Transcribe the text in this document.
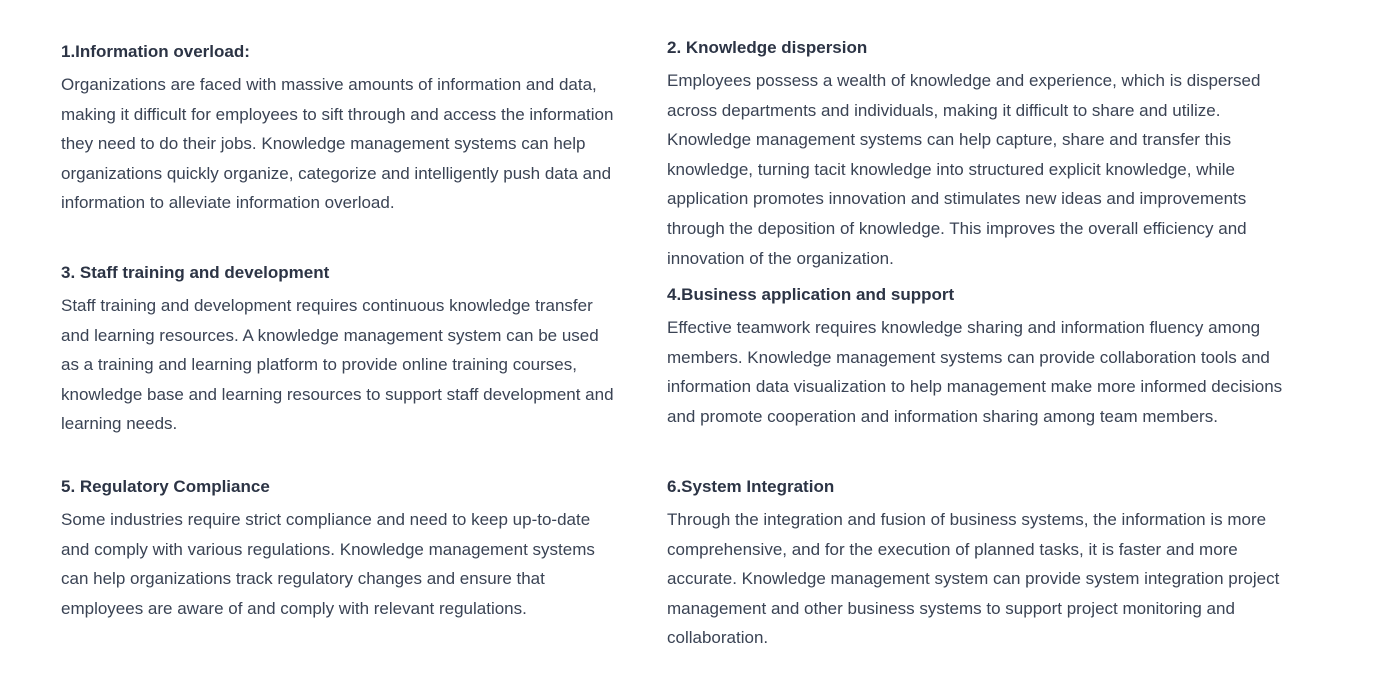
1.Information overload:

Organizations are faced with massive amounts of information and data, making it difficult for employees to sift through and access the information they need to do their jobs. Knowledge management systems can help organizations quickly organize, categorize and intelligently push data and information to alleviate information overload.

2. Knowledge dispersion

Employees possess a wealth of knowledge and experience, which is dispersed across departments and individuals, making it difficult to share and utilize. Knowledge management systems can help capture, share and transfer this knowledge, turning tacit knowledge into structured explicit knowledge, while application promotes innovation and stimulates new ideas and improvements through the deposition of knowledge. This improves the overall efficiency and innovation of the organization.

3. Staff training and development

Staff training and development requires continuous knowledge transfer and learning resources. A knowledge management system can be used as a training and learning platform to provide online training courses, knowledge base and learning resources to support staff development and learning needs.

4.Business application and support

Effective teamwork requires knowledge sharing and information fluency among members. Knowledge management systems can provide collaboration tools and information data visualization to help management make more informed decisions and promote cooperation and information sharing among team members.

5. Regulatory Compliance

Some industries require strict compliance and need to keep up-to-date and comply with various regulations. Knowledge management systems can help organizations track regulatory changes and ensure that employees are aware of and comply with relevant regulations.

6.System Integration

Through the integration and fusion of business systems, the information is more comprehensive, and for the execution of planned tasks, it is faster and more accurate. Knowledge management system can provide system integration project management and other business systems to support project monitoring and collaboration.
